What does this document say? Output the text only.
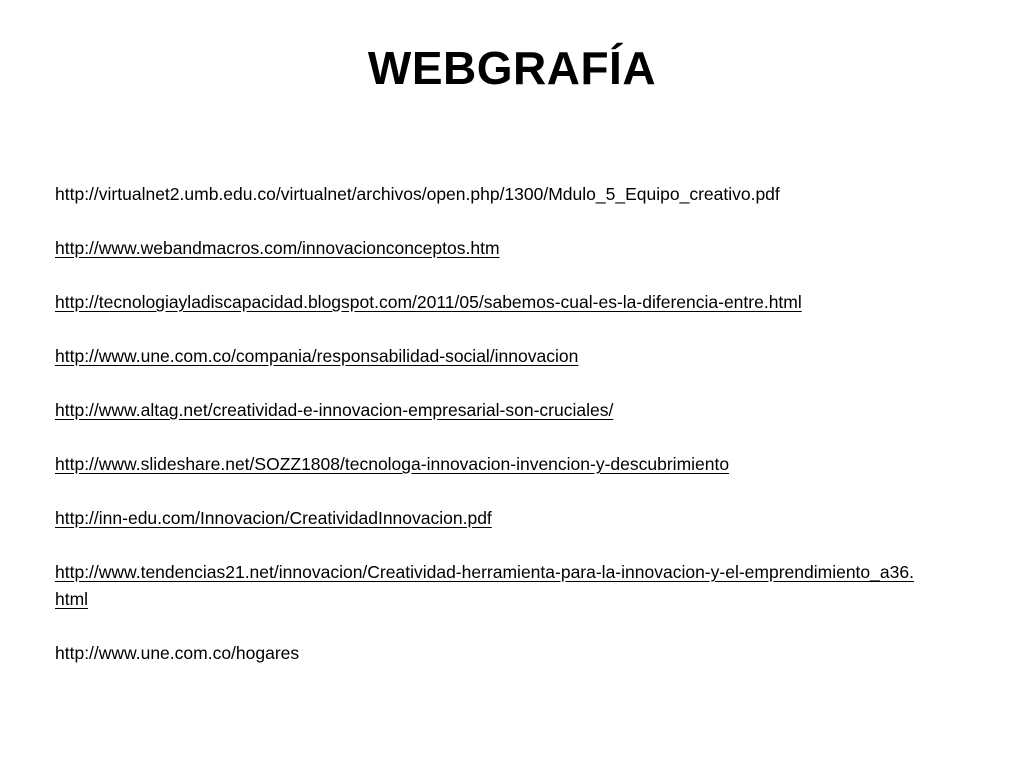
WEBGRAFÍA
http://virtualnet2.umb.edu.co/virtualnet/archivos/open.php/1300/Mdulo_5_Equipo_creativo.pdf
http://www.webandmacros.com/innovacionconceptos.htm
http://tecnologiayladiscapacidad.blogspot.com/2011/05/sabemos-cual-es-la-diferencia-entre.html
http://www.une.com.co/compania/responsabilidad-social/innovacion
http://www.altag.net/creatividad-e-innovacion-empresarial-son-cruciales/
http://www.slideshare.net/SOZZ1808/tecnologa-innovacion-invencion-y-descubrimiento
http://inn-edu.com/Innovacion/CreatividadInnovacion.pdf
http://www.tendencias21.net/innovacion/Creatividad-herramienta-para-la-innovacion-y-el-emprendimiento_a36.html
http://www.une.com.co/hogares
